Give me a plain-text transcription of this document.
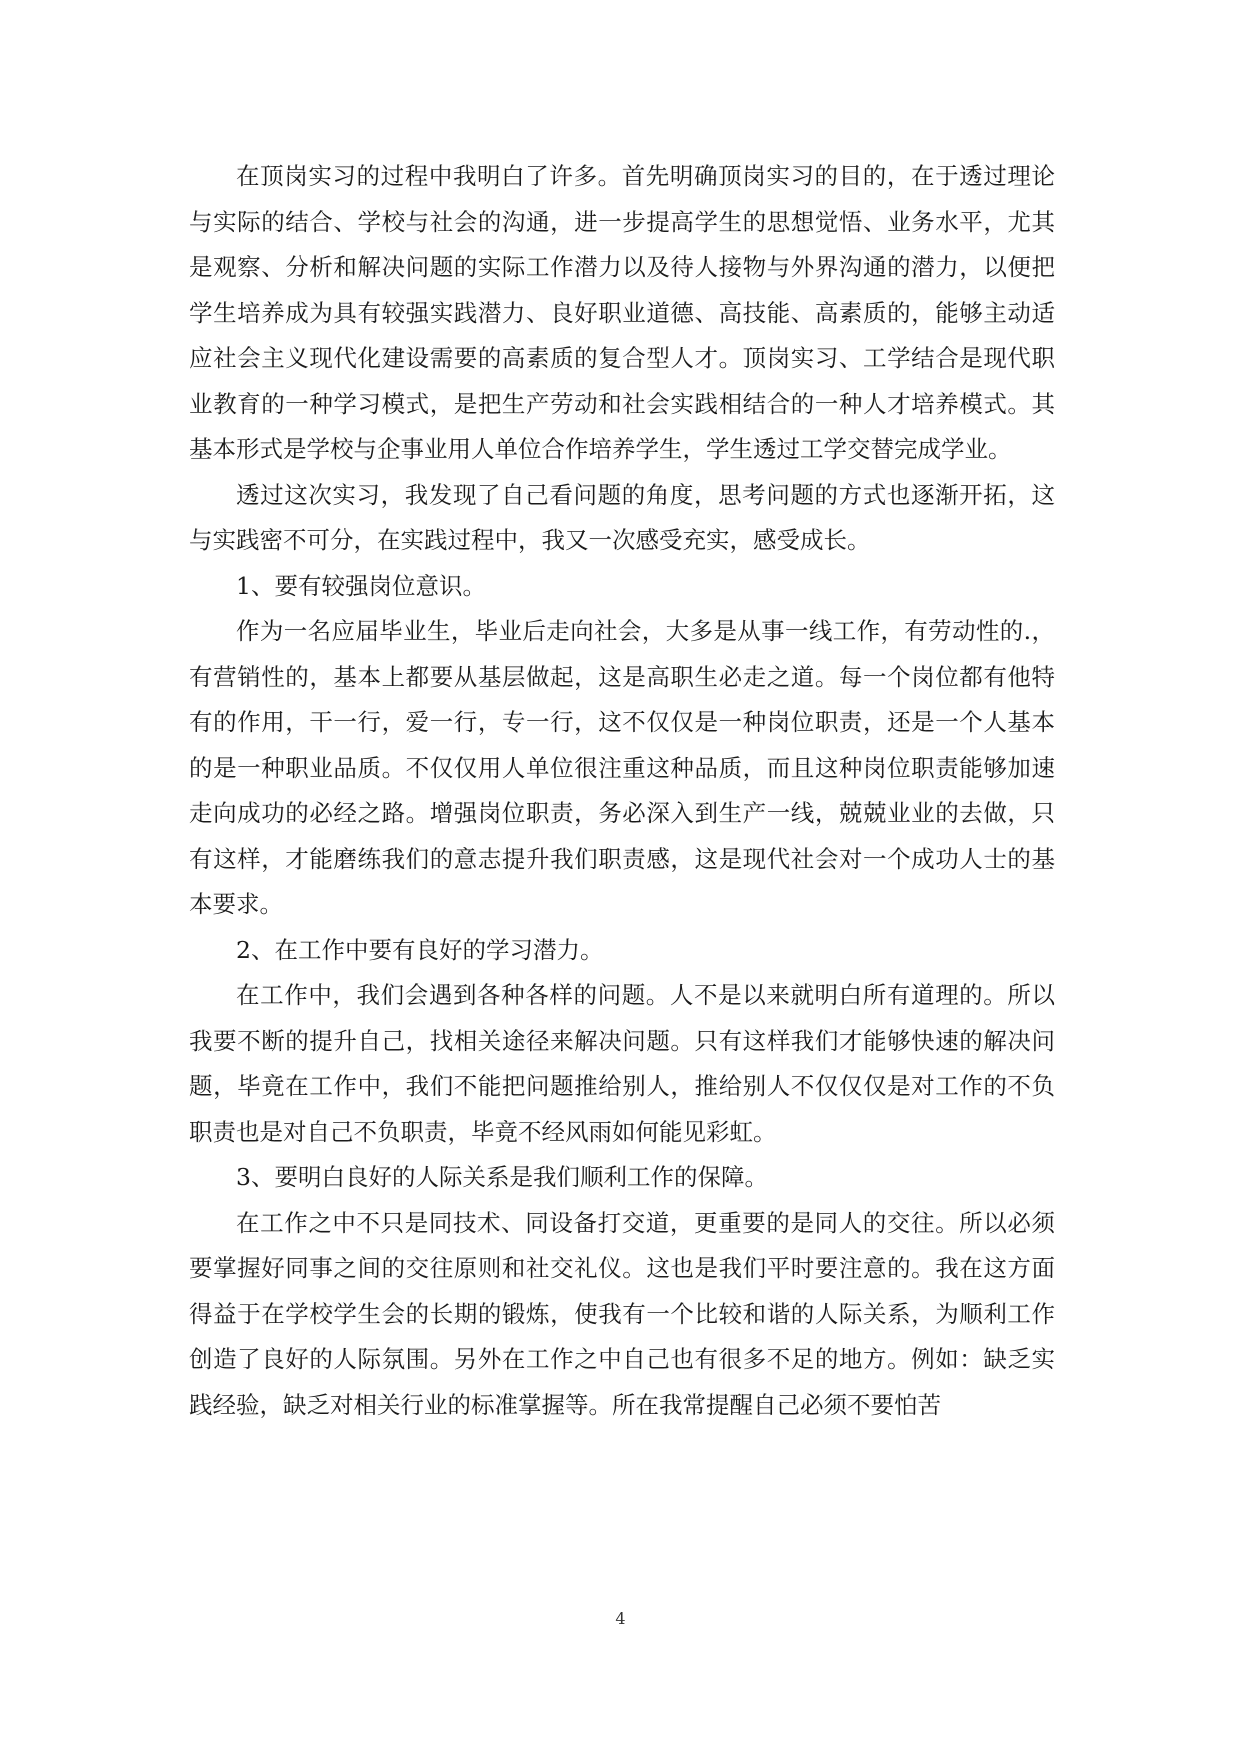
在顶岗实习的过程中我明白了许多。首先明确顶岗实习的目的，在于透过理论与实际的结合、学校与社会的沟通，进一步提高学生的思想觉悟、业务水平，尤其是观察、分析和解决问题的实际工作潜力以及待人接物与外界沟通的潜力，以便把学生培养成为具有较强实践潜力、良好职业道德、高技能、高素质的，能够主动适应社会主义现代化建设需要的高素质的复合型人才。顶岗实习、工学结合是现代职业教育的一种学习模式，是把生产劳动和社会实践相结合的一种人才培养模式。其基本形式是学校与企事业用人单位合作培养学生，学生透过工学交替完成学业。

透过这次实习，我发现了自己看问题的角度，思考问题的方式也逐渐开拓，这与实践密不可分，在实践过程中，我又一次感受充实，感受成长。

1、要有较强岗位意识。

作为一名应届毕业生，毕业后走向社会，大多是从事一线工作，有劳动性的.，有营销性的，基本上都要从基层做起，这是高职生必走之道。每一个岗位都有他特有的作用，干一行，爱一行，专一行，这不仅仅是一种岗位职责，还是一个人基本的是一种职业品质。不仅仅用人单位很注重这种品质，而且这种岗位职责能够加速走向成功的必经之路。增强岗位职责，务必深入到生产一线，兢兢业业的去做，只有这样，才能磨练我们的意志提升我们职责感，这是现代社会对一个成功人士的基本要求。

2、在工作中要有良好的学习潜力。

在工作中，我们会遇到各种各样的问题。人不是以来就明白所有道理的。所以我要不断的提升自己，找相关途径来解决问题。只有这样我们才能够快速的解决问题，毕竟在工作中，我们不能把问题推给别人，推给别人不仅仅仅是对工作的不负职责也是对自己不负职责，毕竟不经风雨如何能见彩虹。

3、要明白良好的人际关系是我们顺利工作的保障。

在工作之中不只是同技术、同设备打交道，更重要的是同人的交往。所以必须要掌握好同事之间的交往原则和社交礼仪。这也是我们平时要注意的。我在这方面得益于在学校学生会的长期的锻炼，使我有一个比较和谐的人际关系，为顺利工作创造了良好的人际氛围。另外在工作之中自己也有很多不足的地方。例如：缺乏实践经验，缺乏对相关行业的标准掌握等。所在我常提醒自己必须不要怕苦

4
